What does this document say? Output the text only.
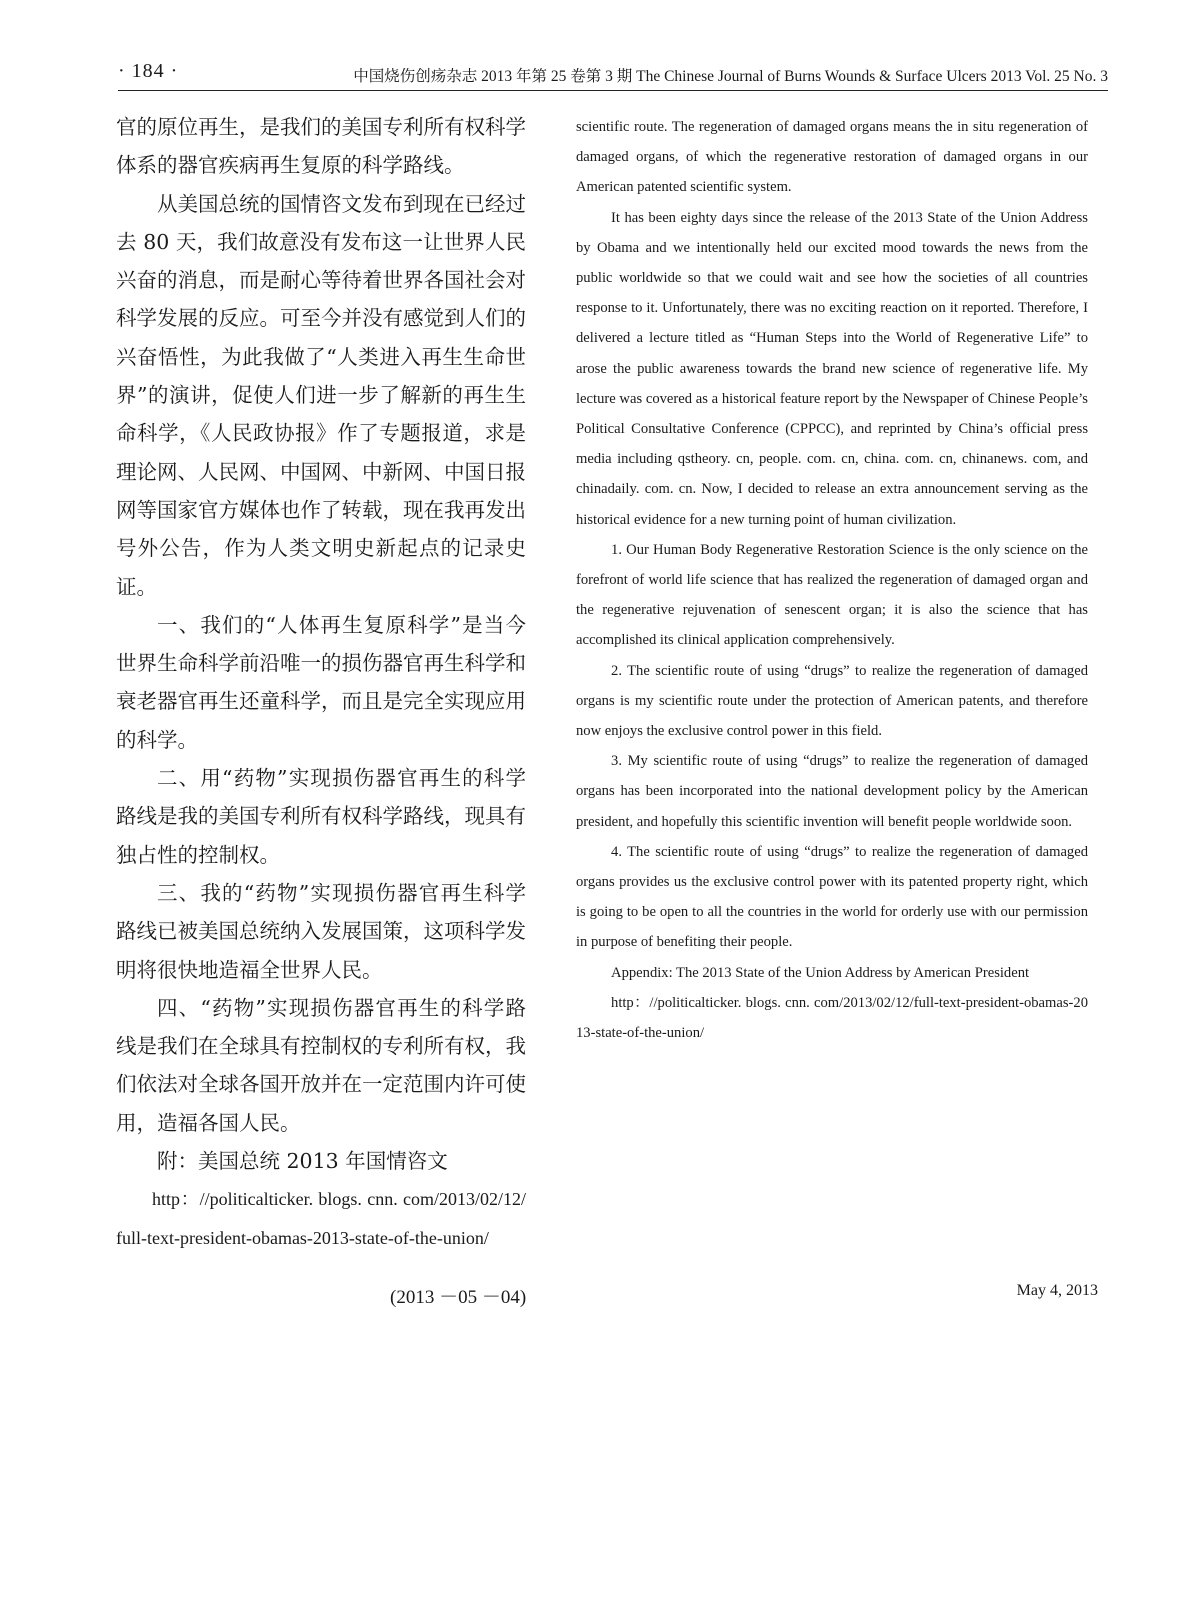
· 184 ·	中国烧伤创疡杂志 2013 年第 25 卷第 3 期 The Chinese Journal of Burns Wounds & Surface Ulcers 2013 Vol. 25 No. 3

官的原位再生，是我们的美国专利所有权科学体系的器官疾病再生复原的科学路线。

从美国总统的国情咨文发布到现在已经过去 80 天，我们故意没有发布这一让世界人民兴奋的消息，而是耐心等待着世界各国社会对科学发展的反应。可至今并没有感觉到人们的兴奋悟性，为此我做了“人类进入再生生命世界”的演讲，促使人们进一步了解新的再生生命科学，《人民政协报》作了专题报道，求是理论网、人民网、中国网、中新网、中国日报网等国家官方媒体也作了转载，现在我再发出号外公告，作为人类文明史新起点的记录史证。

一、我们的“人体再生复原科学”是当今世界生命科学前沿唯一的损伤器官再生科学和衰老器官再生还童科学，而且是完全实现应用的科学。

二、用“药物”实现损伤器官再生的科学路线是我的美国专利所有权科学路线，现具有独占性的控制权。

三、我的“药物”实现损伤器官再生科学路线已被美国总统纳入发展国策，这项科学发明将很快地造福全世界人民。

四、“药物”实现损伤器官再生的科学路线是我们在全球具有控制权的专利所有权，我们依法对全球各国开放并在一定范围内许可使用，造福各国人民。

附：美国总统 2013 年国情咨文

http：//politicalticker. blogs. cnn. com/2013/02/12/full-text-president-obamas-2013-state-of-the-union/

scientific route. The regeneration of damaged organs means the in situ regeneration of damaged organs, of which the regenerative restoration of damaged organs in our American patented scientific system.

It has been eighty days since the release of the 2013 State of the Union Address by Obama and we intentionally held our excited mood towards the news from the public worldwide so that we could wait and see how the societies of all countries response to it. Unfortunately, there was no exciting reaction on it reported. Therefore, I delivered a lecture titled as “Human Steps into the World of Regenerative Life” to arose the public awareness towards the brand new science of regenerative life. My lecture was covered as a historical feature report by the Newspaper of Chinese People’s Political Consultative Conference (CPPCC), and reprinted by China’s official press media including qstheory. cn, people. com. cn, china. com. cn, chinanews. com, and chinadaily. com. cn. Now, I decided to release an extra announcement serving as the historical evidence for a new turning point of human civilization.

1. Our Human Body Regenerative Restoration Science is the only science on the forefront of world life science that has realized the regeneration of damaged organ and the regenerative rejuvenation of senescent organ; it is also the science that has accomplished its clinical application comprehensively.

2. The scientific route of using “drugs” to realize the regeneration of damaged organs is my scientific route under the protection of American patents, and therefore now enjoys the exclusive control power in this field.

3. My scientific route of using “drugs” to realize the regeneration of damaged organs has been incorporated into the national development policy by the American president, and hopefully this scientific invention will benefit people worldwide soon.

4. The scientific route of using “drugs” to realize the regeneration of damaged organs provides us the exclusive control power with its patented property right, which is going to be open to all the countries in the world for orderly use with our permission in purpose of benefiting their people.

Appendix: The 2013 State of the Union Address by American President

http：//politicalticker. blogs. cnn. com/2013/02/12/full-text-president-obamas-2013-state-of-the-union/

(2013 －05 －04)	May 4, 2013
